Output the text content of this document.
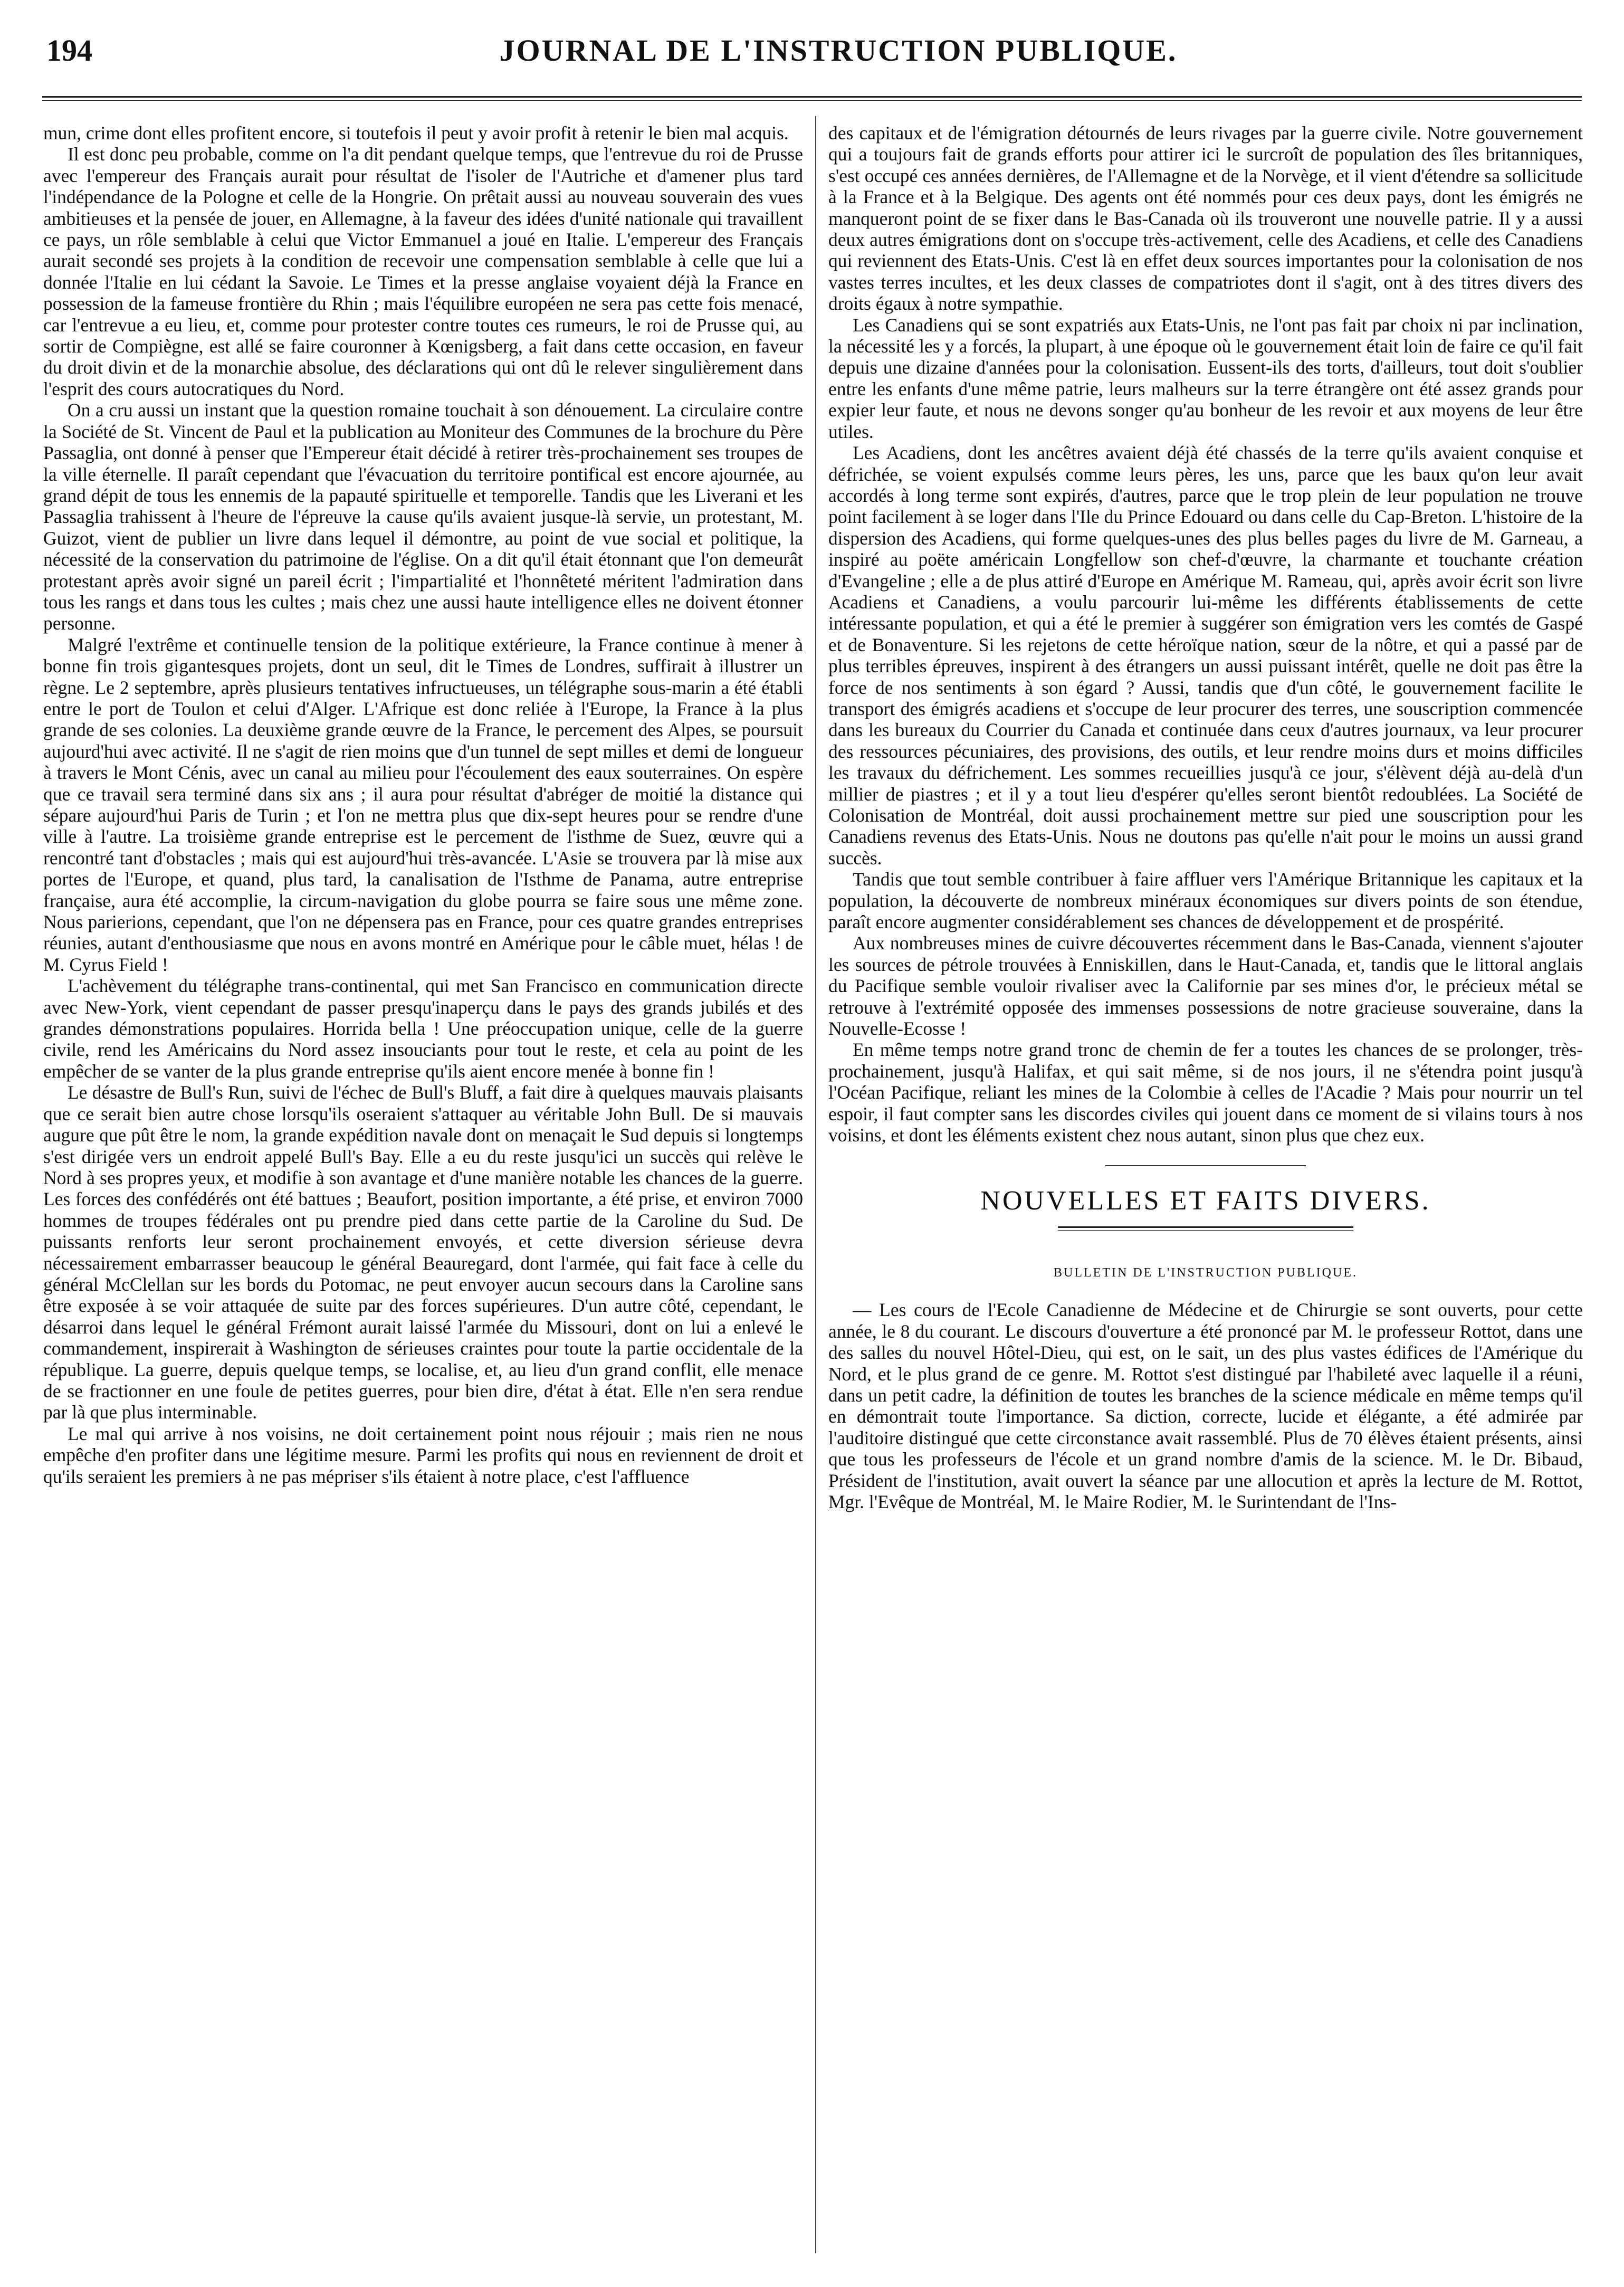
194	JOURNAL DE L'INSTRUCTION PUBLIQUE.

mun, crime dont elles profitent encore, si toutefois il peut y avoir profit à retenir le bien mal acquis.

Il est donc peu probable, comme on l'a dit pendant quelque temps, que l'entrevue du roi de Prusse avec l'empereur des Français aurait pour résultat de l'isoler de l'Autriche et d'amener plus tard l'indépendance de la Pologne et celle de la Hongrie. On prêtait aussi au nouveau souverain des vues ambitieuses et la pensée de jouer, en Allemagne, à la faveur des idées d'unité nationale qui travaillent ce pays, un rôle semblable à celui que Victor Emmanuel a joué en Italie. L'empereur des Français aurait secondé ses projets à la condition de recevoir une compensation semblable à celle que lui a donnée l'Italie en lui cédant la Savoie. Le Times et la presse anglaise voyaient déjà la France en possession de la fameuse frontière du Rhin ; mais l'équilibre européen ne sera pas cette fois menacé, car l'entrevue a eu lieu, et, comme pour protester contre toutes ces rumeurs, le roi de Prusse qui, au sortir de Compiègne, est allé se faire couronner à Kœnigsberg, a fait dans cette occasion, en faveur du droit divin et de la monarchie absolue, des déclarations qui ont dû le relever singulièrement dans l'esprit des cours autocratiques du Nord.

On a cru aussi un instant que la question romaine touchait à son dénouement. La circulaire contre la Société de St. Vincent de Paul et la publication au Moniteur des Communes de la brochure du Père Passaglia, ont donné à penser que l'Empereur était décidé à retirer très-prochainement ses troupes de la ville éternelle. Il paraît cependant que l'évacuation du territoire pontifical est encore ajournée, au grand dépit de tous les ennemis de la papauté spirituelle et temporelle. Tandis que les Liverani et les Passaglia trahissent à l'heure de l'épreuve la cause qu'ils avaient jusque-là servie, un protestant, M. Guizot, vient de publier un livre dans lequel il démontre, au point de vue social et politique, la nécessité de la conservation du patrimoine de l'église. On a dit qu'il était étonnant que l'on demeurât protestant après avoir signé un pareil écrit ; l'impartialité et l'honnêteté méritent l'admiration dans tous les rangs et dans tous les cultes ; mais chez une aussi haute intelligence elles ne doivent étonner personne.

Malgré l'extrême et continuelle tension de la politique extérieure, la France continue à mener à bonne fin trois gigantesques projets, dont un seul, dit le Times de Londres, suffirait à illustrer un règne. Le 2 septembre, après plusieurs tentatives infructueuses, un télégraphe sous-marin a été établi entre le port de Toulon et celui d'Alger. L'Afrique est donc reliée à l'Europe, la France à la plus grande de ses colonies. La deuxième grande œuvre de la France, le percement des Alpes, se poursuit aujourd'hui avec activité. Il ne s'agit de rien moins que d'un tunnel de sept milles et demi de longueur à travers le Mont Cénis, avec un canal au milieu pour l'écoulement des eaux souterraines. On espère que ce travail sera terminé dans six ans ; il aura pour résultat d'abréger de moitié la distance qui sépare aujourd'hui Paris de Turin ; et l'on ne mettra plus que dix-sept heures pour se rendre d'une ville à l'autre. La troisième grande entreprise est le percement de l'isthme de Suez, œuvre qui a rencontré tant d'obstacles ; mais qui est aujourd'hui très-avancée. L'Asie se trouvera par là mise aux portes de l'Europe, et quand, plus tard, la canalisation de l'Isthme de Panama, autre entreprise française, aura été accomplie, la circum-navigation du globe pourra se faire sous une même zone. Nous parierions, cependant, que l'on ne dépensera pas en France, pour ces quatre grandes entreprises réunies, autant d'enthousiasme que nous en avons montré en Amérique pour le câble muet, hélas ! de M. Cyrus Field !

L'achèvement du télégraphe trans-continental, qui met San Francisco en communication directe avec New-York, vient cependant de passer presqu'inaperçu dans le pays des grands jubilés et des grandes démonstrations populaires. Horrida bella ! Une préoccupation unique, celle de la guerre civile, rend les Américains du Nord assez insouciants pour tout le reste, et cela au point de les empêcher de se vanter de la plus grande entreprise qu'ils aient encore menée à bonne fin !

Le désastre de Bull's Run, suivi de l'échec de Bull's Bluff, a fait dire à quelques mauvais plaisants que ce serait bien autre chose lorsqu'ils oseraient s'attaquer au véritable John Bull. De si mauvais augure que pût être le nom, la grande expédition navale dont on menaçait le Sud depuis si longtemps s'est dirigée vers un endroit appelé Bull's Bay. Elle a eu du reste jusqu'ici un succès qui relève le Nord à ses propres yeux, et modifie à son avantage et d'une manière notable les chances de la guerre. Les forces des confédérés ont été battues ; Beaufort, position importante, a été prise, et environ 7000 hommes de troupes fédérales ont pu prendre pied dans cette partie de la Caroline du Sud. De puissants renforts leur seront prochainement envoyés, et cette diversion sérieuse devra nécessairement embarrasser beaucoup le général Beauregard, dont l'armée, qui fait face à celle du général McClellan sur les bords du Potomac, ne peut envoyer aucun secours dans la Caroline sans être exposée à se voir attaquée de suite par des forces supérieures. D'un autre côté, cependant, le désarroi dans lequel le général Frémont aurait laissé l'armée du Missouri, dont on lui a enlevé le commandement, inspirerait à Washington de sérieuses craintes pour toute la partie occidentale de la république. La guerre, depuis quelque temps, se localise, et, au lieu d'un grand conflit, elle menace de se fractionner en une foule de petites guerres, pour bien dire, d'état à état. Elle n'en sera rendue par là que plus interminable.

Le mal qui arrive à nos voisins, ne doit certainement point nous réjouir ; mais rien ne nous empêche d'en profiter dans une légitime mesure. Parmi les profits qui nous en reviennent de droit et qu'ils seraient les premiers à ne pas mépriser s'ils étaient à notre place, c'est l'affluence

des capitaux et de l'émigration détournés de leurs rivages par la guerre civile. Notre gouvernement qui a toujours fait de grands efforts pour attirer ici le surcroît de population des îles britanniques, s'est occupé ces années dernières, de l'Allemagne et de la Norvège, et il vient d'étendre sa sollicitude à la France et à la Belgique. Des agents ont été nommés pour ces deux pays, dont les émigrés ne manqueront point de se fixer dans le Bas-Canada où ils trouveront une nouvelle patrie. Il y a aussi deux autres émigrations dont on s'occupe très-activement, celle des Acadiens, et celle des Canadiens qui reviennent des Etats-Unis. C'est là en effet deux sources importantes pour la colonisation de nos vastes terres incultes, et les deux classes de compatriotes dont il s'agit, ont à des titres divers des droits égaux à notre sympathie.

Les Canadiens qui se sont expatriés aux Etats-Unis, ne l'ont pas fait par choix ni par inclination, la nécessité les y a forcés, la plupart, à une époque où le gouvernement était loin de faire ce qu'il fait depuis une dizaine d'années pour la colonisation. Eussent-ils des torts, d'ailleurs, tout doit s'oublier entre les enfants d'une même patrie, leurs malheurs sur la terre étrangère ont été assez grands pour expier leur faute, et nous ne devons songer qu'au bonheur de les revoir et aux moyens de leur être utiles.

Les Acadiens, dont les ancêtres avaient déjà été chassés de la terre qu'ils avaient conquise et défrichée, se voient expulsés comme leurs pères, les uns, parce que les baux qu'on leur avait accordés à long terme sont expirés, d'autres, parce que le trop plein de leur population ne trouve point facilement à se loger dans l'Ile du Prince Edouard ou dans celle du Cap-Breton. L'histoire de la dispersion des Acadiens, qui forme quelques-unes des plus belles pages du livre de M. Garneau, a inspiré au poëte américain Longfellow son chef-d'œuvre, la charmante et touchante création d'Evangeline ; elle a de plus attiré d'Europe en Amérique M. Rameau, qui, après avoir écrit son livre Acadiens et Canadiens, a voulu parcourir lui-même les différents établissements de cette intéressante population, et qui a été le premier à suggérer son émigration vers les comtés de Gaspé et de Bonaventure. Si les rejetons de cette héroïque nation, sœur de la nôtre, et qui a passé par de plus terribles épreuves, inspirent à des étrangers un aussi puissant intérêt, quelle ne doit pas être la force de nos sentiments à son égard ? Aussi, tandis que d'un côté, le gouvernement facilite le transport des émigrés acadiens et s'occupe de leur procurer des terres, une souscription commencée dans les bureaux du Courrier du Canada et continuée dans ceux d'autres journaux, va leur procurer des ressources pécuniaires, des provisions, des outils, et leur rendre moins durs et moins difficiles les travaux du défrichement. Les sommes recueillies jusqu'à ce jour, s'élèvent déjà au-delà d'un millier de piastres ; et il y a tout lieu d'espérer qu'elles seront bientôt redoublées. La Société de Colonisation de Montréal, doit aussi prochainement mettre sur pied une souscription pour les Canadiens revenus des Etats-Unis. Nous ne doutons pas qu'elle n'ait pour le moins un aussi grand succès.

Tandis que tout semble contribuer à faire affluer vers l'Amérique Britannique les capitaux et la population, la découverte de nombreux minéraux économiques sur divers points de son étendue, paraît encore augmenter considérablement ses chances de développement et de prospérité.

Aux nombreuses mines de cuivre découvertes récemment dans le Bas-Canada, viennent s'ajouter les sources de pétrole trouvées à Enniskillen, dans le Haut-Canada, et, tandis que le littoral anglais du Pacifique semble vouloir rivaliser avec la Californie par ses mines d'or, le précieux métal se retrouve à l'extrémité opposée des immenses possessions de notre gracieuse souveraine, dans la Nouvelle-Ecosse !

En même temps notre grand tronc de chemin de fer a toutes les chances de se prolonger, très-prochainement, jusqu'à Halifax, et qui sait même, si de nos jours, il ne s'étendra point jusqu'à l'Océan Pacifique, reliant les mines de la Colombie à celles de l'Acadie ? Mais pour nourrir un tel espoir, il faut compter sans les discordes civiles qui jouent dans ce moment de si vilains tours à nos voisins, et dont les éléments existent chez nous autant, sinon plus que chez eux.

NOUVELLES ET FAITS DIVERS.
BULLETIN DE L'INSTRUCTION PUBLIQUE.

— Les cours de l'Ecole Canadienne de Médecine et de Chirurgie se sont ouverts, pour cette année, le 8 du courant. Le discours d'ouverture a été prononcé par M. le professeur Rottot, dans une des salles du nouvel Hôtel-Dieu, qui est, on le sait, un des plus vastes édifices de l'Amérique du Nord, et le plus grand de ce genre. M. Rottot s'est distingué par l'habileté avec laquelle il a réuni, dans un petit cadre, la définition de toutes les branches de la science médicale en même temps qu'il en démontrait toute l'importance. Sa diction, correcte, lucide et élégante, a été admirée par l'auditoire distingué que cette circonstance avait rassemblé. Plus de 70 élèves étaient présents, ainsi que tous les professeurs de l'école et un grand nombre d'amis de la science. M. le Dr. Bibaud, Président de l'institution, avait ouvert la séance par une allocution et après la lecture de M. Rottot, Mgr. l'Evêque de Montréal, M. le Maire Rodier, M. le Surintendant de l'Ins-
